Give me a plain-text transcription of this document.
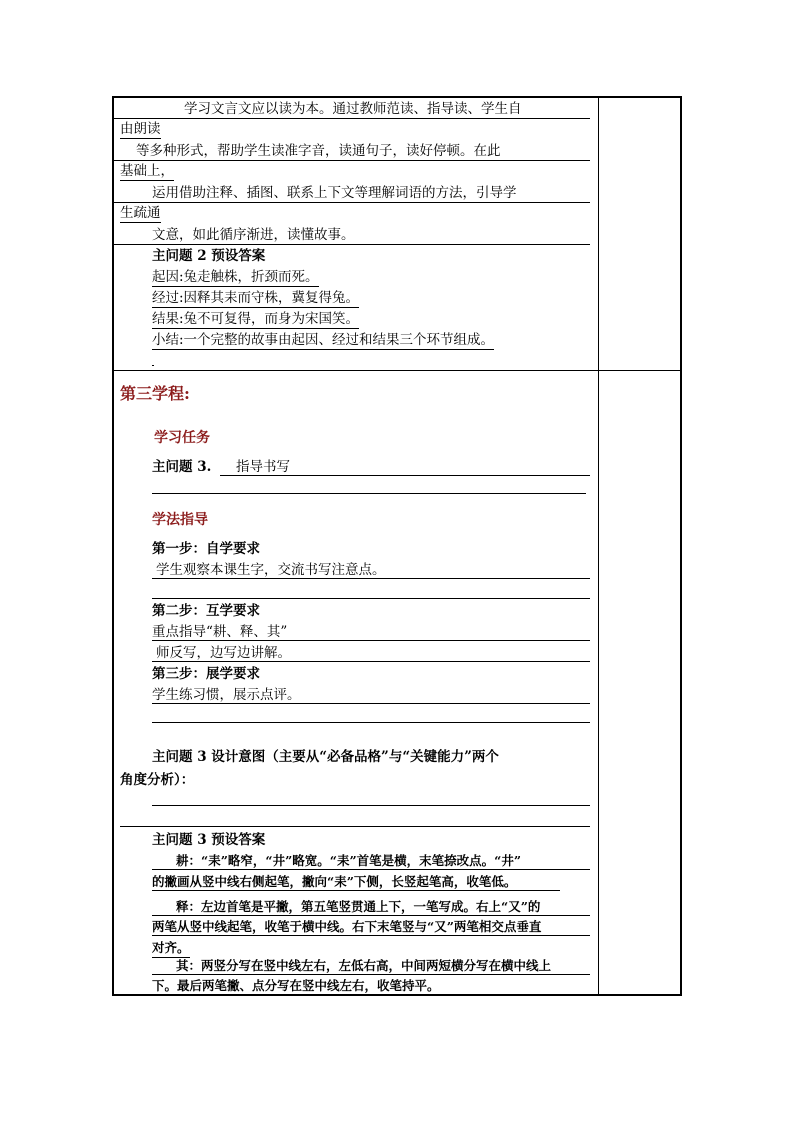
学习文言文应以读为本。通过教师范读、指导读、学生自
由朗读
等多种形式，帮助学生读准字音，读通句子，读好停顿。在此
基础上，
运用借助注释、插图、联系上下文等理解词语的方法，引导学
生疏通
文意，如此循序渐进，读懂故事。
主问题 2 预设答案
起因:兔走触株，折颈而死。
经过:因释其耒而守株，冀复得兔。
结果:兔不可复得，而身为宋国笑。
小结:一个完整的故事由起因、经过和结果三个环节组成。
第三学程:
学习任务
主问题 3. 指导书写
学法指导
第一步：自学要求
学生观察本课生字，交流书写注意点。
第二步：互学要求
重点指导“耕、释、其”
师反写，边写边讲解。
第三步：展学要求
学生练习惯，展示点评。
主问题 3 设计意图（主要从“必备品格”与“关键能力”两个
角度分析）：
主问题 3 预设答案
耕：“耒”略窄，“井”略宽。“耒”首笔是横，末笔捺改点。“井”
的撇画从竖中线右侧起笔，撇向“耒”下侧，长竖起笔高，收笔低。
释：左边首笔是平撇，第五笔竖贯通上下，一笔写成。右上“又”的
两笔从竖中线起笔，收笔于横中线。右下末笔竖与“又”两笔相交点垂直
对齐。
其：两竖分写在竖中线左右，左低右高，中间两短横分写在横中线上
下。最后两笔撇、点分写在竖中线左右，收笔持平。
